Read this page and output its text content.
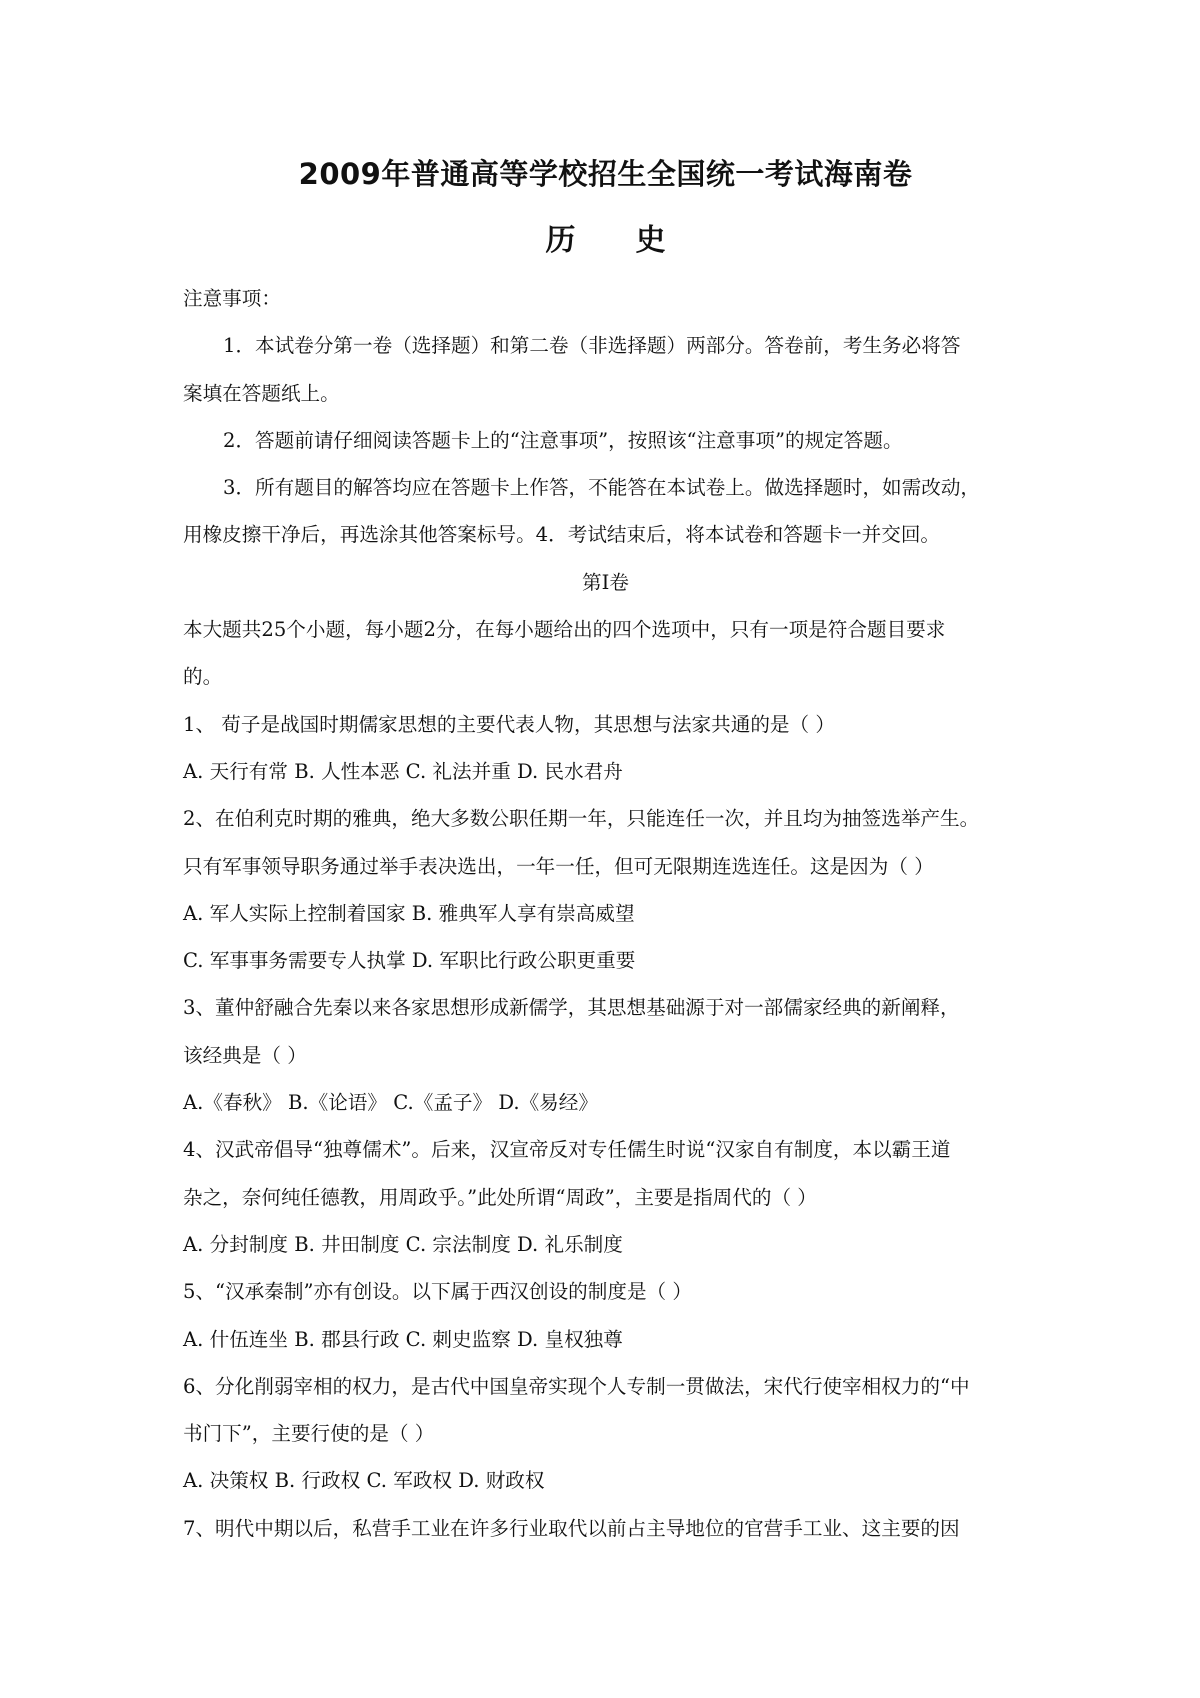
2009年普通高等学校招生全国统一考试海南卷
历史
注意事项：
1．本试卷分第一卷（选择题）和第二卷（非选择题）两部分。答卷前，考生务必将答
案填在答题纸上。
2．答题前请仔细阅读答题卡上的“注意事项”，按照该“注意事项”的规定答题。
3．所有题目的解答均应在答题卡上作答，不能答在本试卷上。做选择题时，如需改动，
用橡皮擦干净后，再选涂其他答案标号。4．考试结束后，将本试卷和答题卡一并交回。
第Ⅰ卷
本大题共25个小题，每小题2分，在每小题给出的四个选项中，只有一项是符合题目要求
的。
1、 荀子是战国时期儒家思想的主要代表人物，其思想与法家共通的是（ ）
A. 天行有常 B. 人性本恶 C. 礼法并重 D. 民水君舟
2、在伯利克时期的雅典，绝大多数公职任期一年，只能连任一次，并且均为抽签选举产生。
只有军事领导职务通过举手表决选出，一年一任，但可无限期连选连任。这是因为（ ）
A. 军人实际上控制着国家 B. 雅典军人享有崇高威望
C. 军事事务需要专人执掌 D. 军职比行政公职更重要
3、董仲舒融合先秦以来各家思想形成新儒学，其思想基础源于对一部儒家经典的新阐释，
该经典是（ ）
A.《春秋》 B.《论语》 C.《孟子》 D.《易经》
4、汉武帝倡导“独尊儒术”。后来，汉宣帝反对专任儒生时说“汉家自有制度，本以霸王道
杂之，奈何纯任德教，用周政乎。”此处所谓“周政”，主要是指周代的（ ）
A. 分封制度 B. 井田制度 C. 宗法制度 D. 礼乐制度
5、“汉承秦制”亦有创设。以下属于西汉创设的制度是（ ）
A. 什伍连坐 B. 郡县行政 C. 刺史监察 D. 皇权独尊
6、分化削弱宰相的权力，是古代中国皇帝实现个人专制一贯做法，宋代行使宰相权力的“中
书门下”，主要行使的是（ ）
A. 决策权 B. 行政权 C. 军政权 D. 财政权
7、明代中期以后，私营手工业在许多行业取代以前占主导地位的官营手工业、这主要的因
